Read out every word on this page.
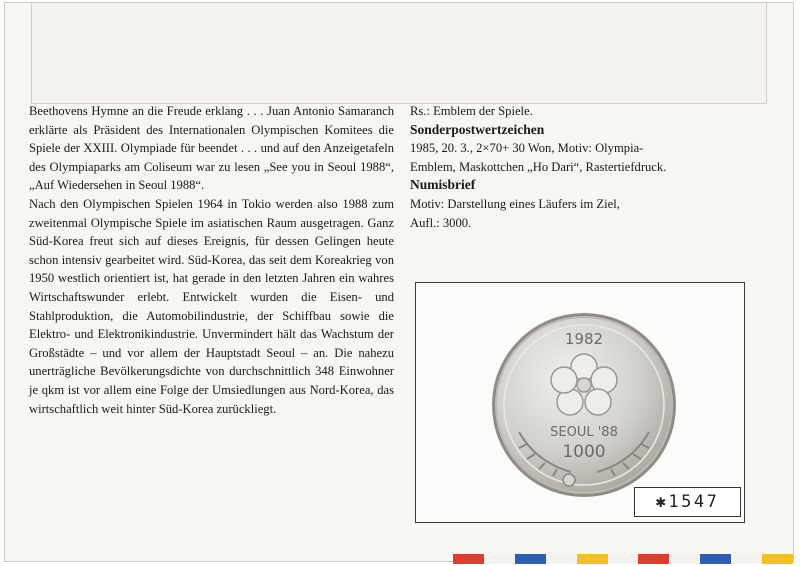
Beethovens Hymne an die Freude erklang . . . Juan Antonio Samaranch erklärte als Präsident des Internationalen Olympischen Komitees die Spiele der XXIII. Olympiade für beendet . . . und auf den Anzeigetafeln des Olympiaparks am Coliseum war zu lesen „See you in Seoul 1988“, „Auf Wiedersehen in Seoul 1988“.

Nach den Olympischen Spielen 1964 in Tokio werden also 1988 zum zweitenmal Olympische Spiele im asiatischen Raum ausgetragen. Ganz Süd-Korea freut sich auf dieses Ereignis, für dessen Gelingen heute schon intensiv gearbeitet wird. Süd-Korea, das seit dem Koreakrieg von 1950 westlich orientiert ist, hat gerade in den letzten Jahren ein wahres Wirtschaftswunder erlebt. Entwickelt wurden die Eisen- und Stahlproduktion, die Automobilindustrie, der Schiffbau sowie die Elektro- und Elektronikindustrie. Unvermindert hält das Wachstum der Großstädte – und vor allem der Hauptstadt Seoul – an. Die nahezu unerträgliche Bevölkerungsdichte von durchschnittlich 348 Einwohner je qkm ist vor allem eine Folge der Umsiedlungen aus Nord-Korea, das wirtschaftlich weit hinter Süd-Korea zurückliegt.

Rs.: Emblem der Spiele.

Sonderpostwertzeichen

1985, 20. 3., 2×70+ 30 Won, Motiv: Olympia-

Emblem, Maskottchen „Ho Dari“, Rastertiefdruck.

Numisbrief

Motiv: Darstellung eines Läufers im Ziel,

Aufl.: 3000.

1982
SEOUL '88
1000
✱1547
